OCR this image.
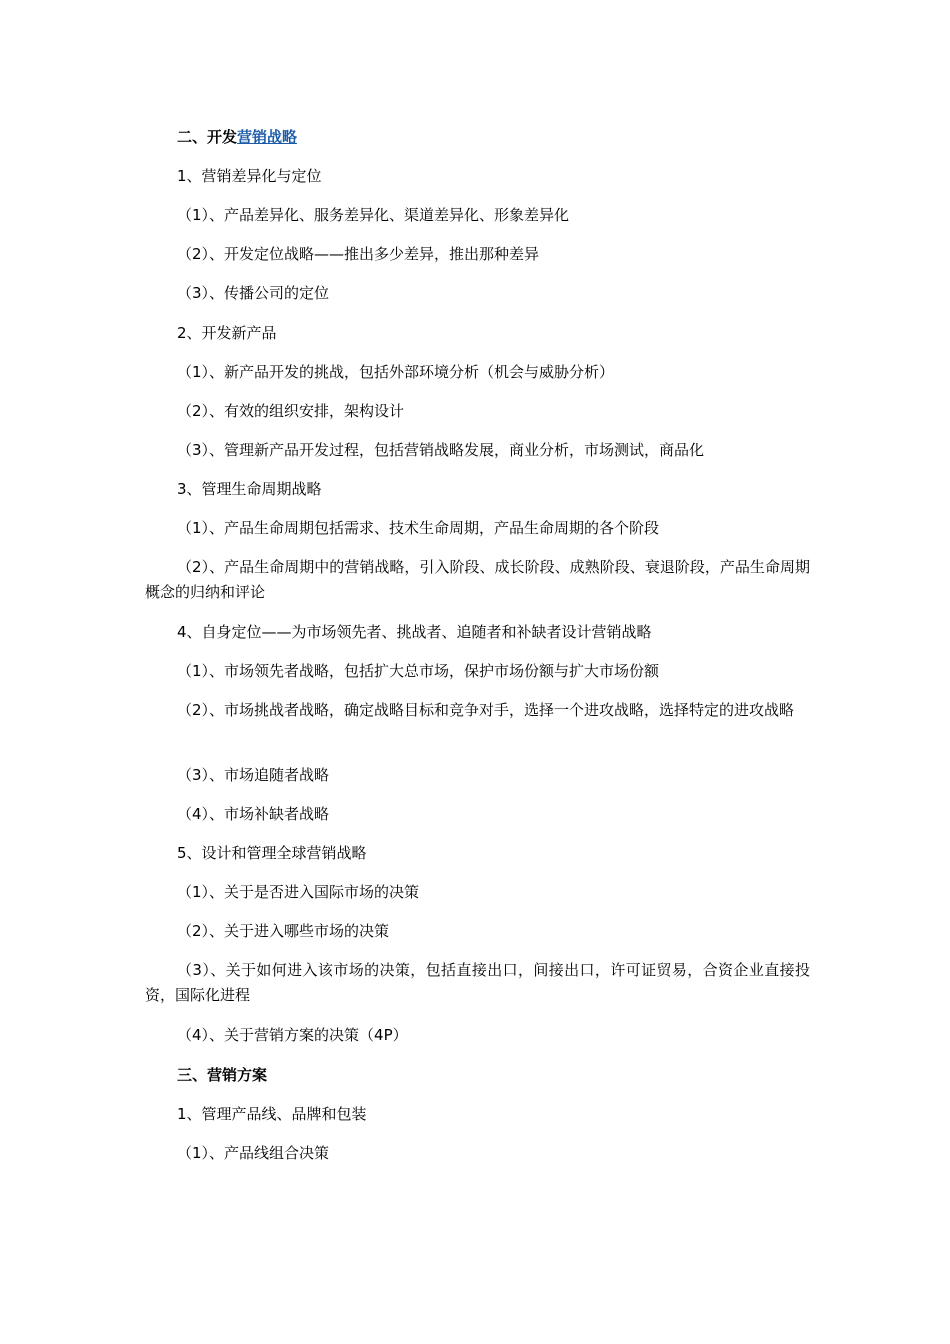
二、开发营销战略
1、营销差异化与定位
（1）、产品差异化、服务差异化、渠道差异化、形象差异化
（2）、开发定位战略——推出多少差异，推出那种差异
（3）、传播公司的定位
2、开发新产品
（1）、新产品开发的挑战，包括外部环境分析（机会与威胁分析）
（2）、有效的组织安排，架构设计
（3）、管理新产品开发过程，包括营销战略发展，商业分析，市场测试，商品化
3、管理生命周期战略
（1）、产品生命周期包括需求、技术生命周期，产品生命周期的各个阶段
（2）、产品生命周期中的营销战略，引入阶段、成长阶段、成熟阶段、衰退阶段，产品生命周期概念的归纳和评论
4、自身定位——为市场领先者、挑战者、追随者和补缺者设计营销战略
（1）、市场领先者战略，包括扩大总市场，保护市场份额与扩大市场份额
（2）、市场挑战者战略，确定战略目标和竞争对手，选择一个进攻战略，选择特定的进攻战略
（3）、市场追随者战略
（4）、市场补缺者战略
5、设计和管理全球营销战略
（1）、关于是否进入国际市场的决策
（2）、关于进入哪些市场的决策
（3）、关于如何进入该市场的决策，包括直接出口，间接出口，许可证贸易，合资企业直接投资，国际化进程
（4）、关于营销方案的决策（4P）
三、营销方案
1、管理产品线、品牌和包装
（1）、产品线组合决策
